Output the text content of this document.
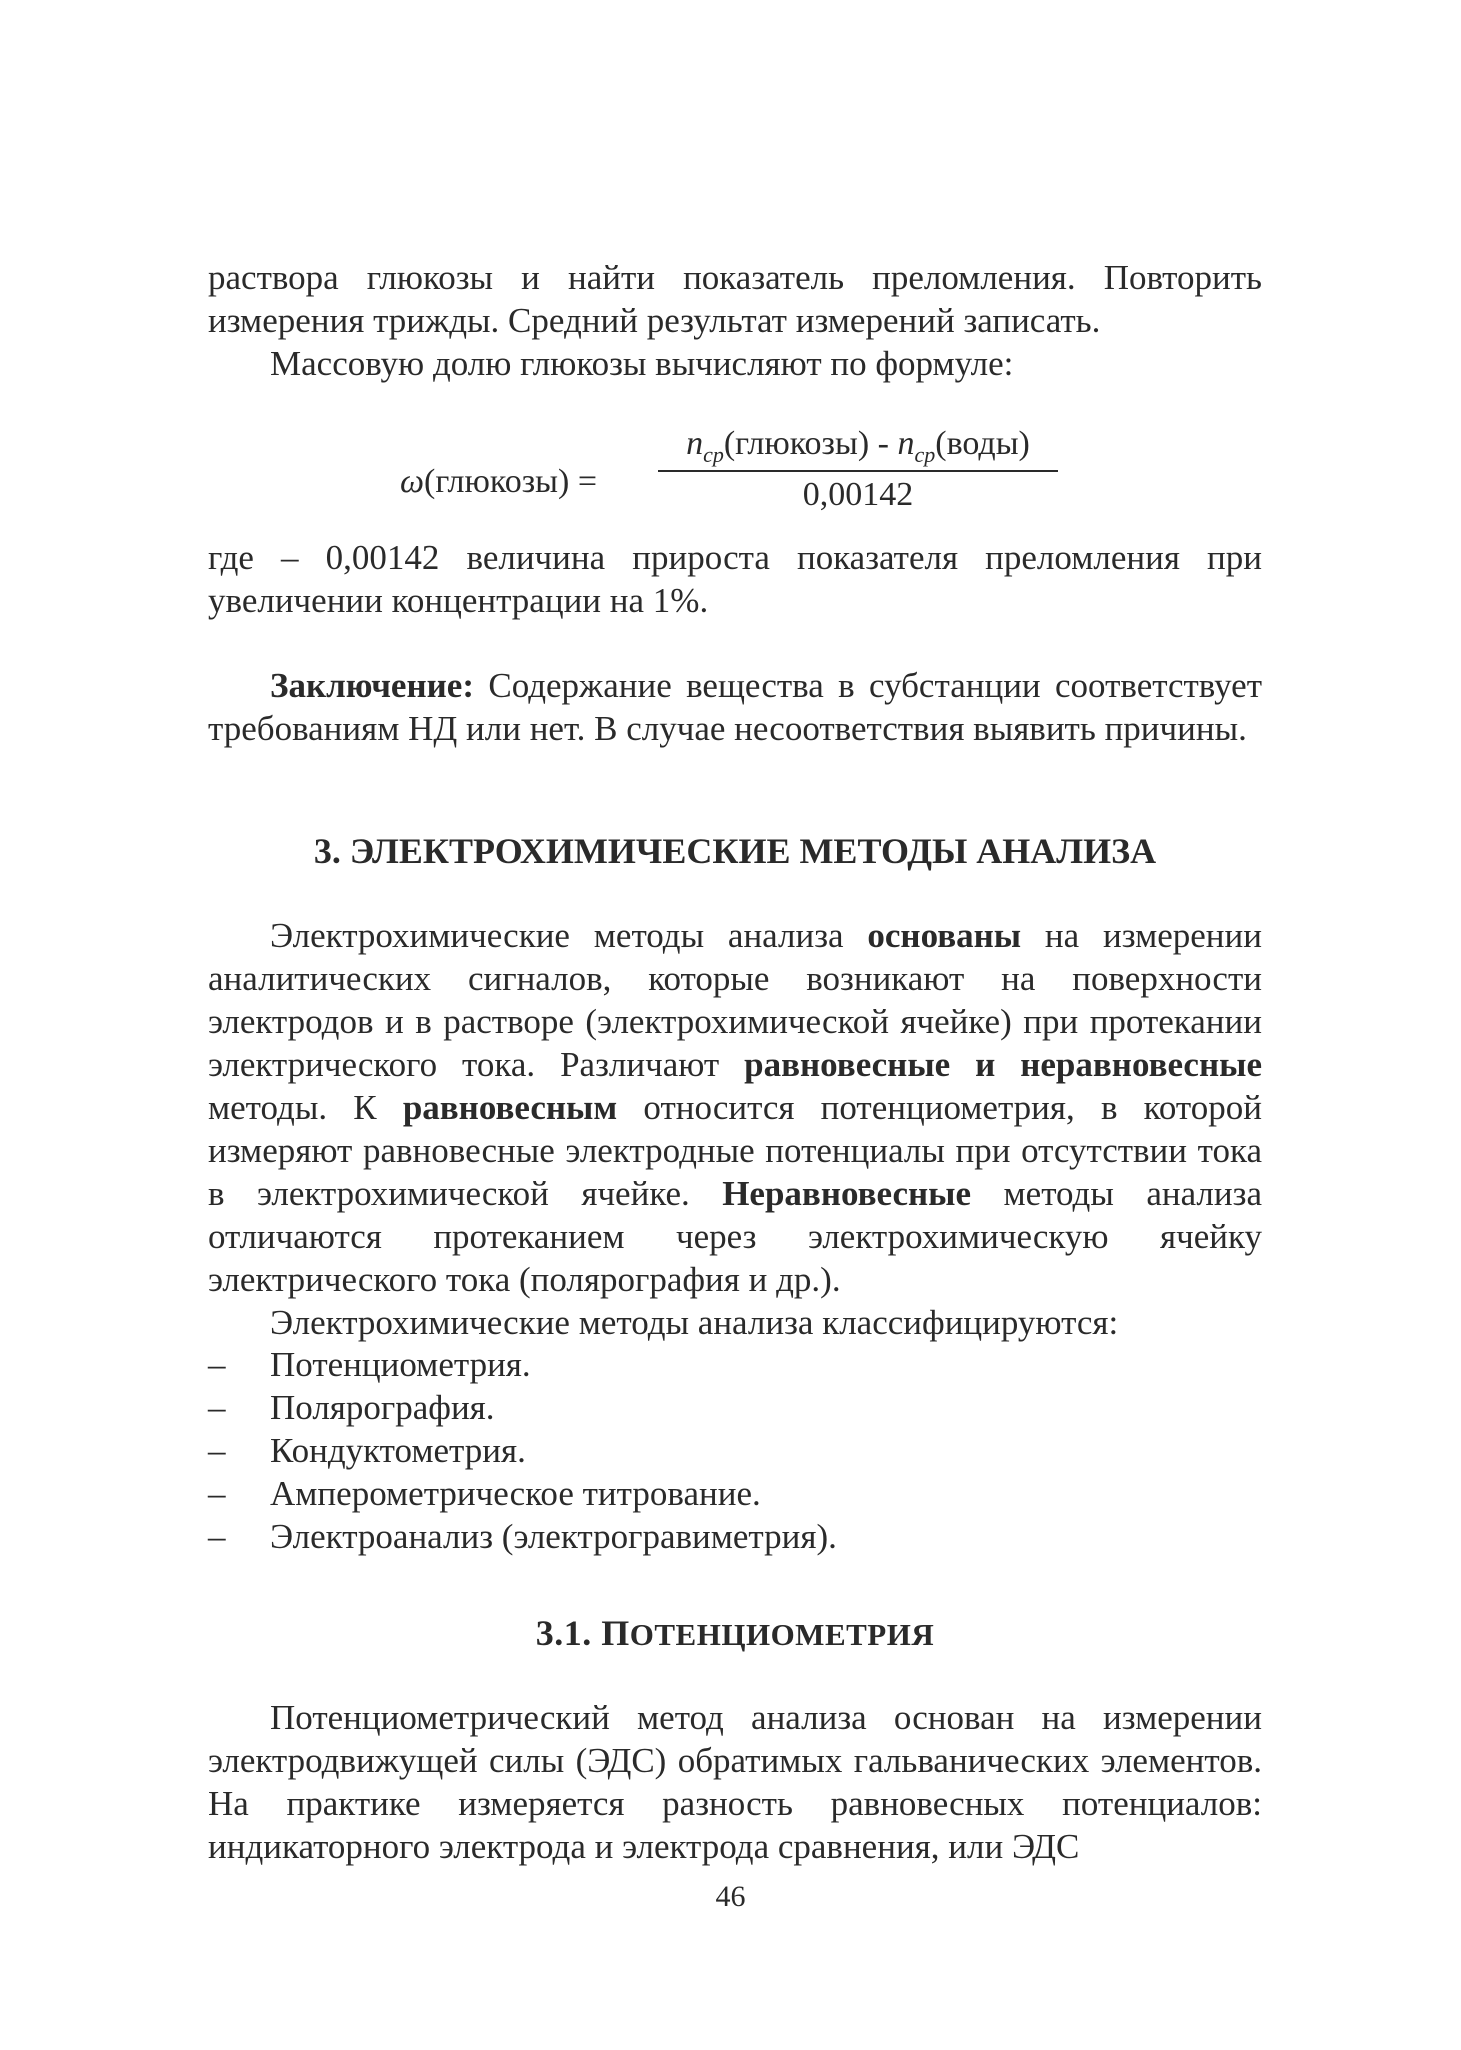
раствора глюкозы и найти показатель преломления. Повторить измерения трижды. Средний результат измерений записать.

Массовую долю глюкозы вычисляют по формуле:

ω(глюкозы) =
$n_{ср}(глюкозы)$ - $n_{ср}(воды)$
0,00142

где – 0,00142 величина прироста показателя преломления при увеличении концентрации на 1%.

Заключение: Содержание вещества в субстанции соответствует требованиям НД или нет. В случае несоответствия выявить причины.

3. ЭЛЕКТРОХИМИЧЕСКИЕ МЕТОДЫ АНАЛИЗА

Электрохимические методы анализа основаны на измерении аналитических сигналов, которые возникают на поверхности электродов и в растворе (электрохимической ячейке) при протекании электрического тока. Различают равновесные и неравновесные методы. К равновесным относится потенциометрия, в которой измеряют равновесные электродные потенциалы при отсутствии тока в электрохимической ячейке. Неравновесные методы анализа отличаются протеканием через электрохимическую ячейку электрического тока (полярография и др.).

Электрохимические методы анализа классифицируются:

– Потенциометрия.
– Полярография.
– Кондуктометрия.
– Амперометрическое титрование.
– Электроанализ (электрогравиметрия).
3.1. ПОТЕНЦИОМЕТРИЯ

Потенциометрический метод анализа основан на измерении электродвижущей силы (ЭДС) обратимых гальванических элементов. На практике измеряется разность равновесных потенциалов: индикаторного электрода и электрода сравнения, или ЭДС

46
